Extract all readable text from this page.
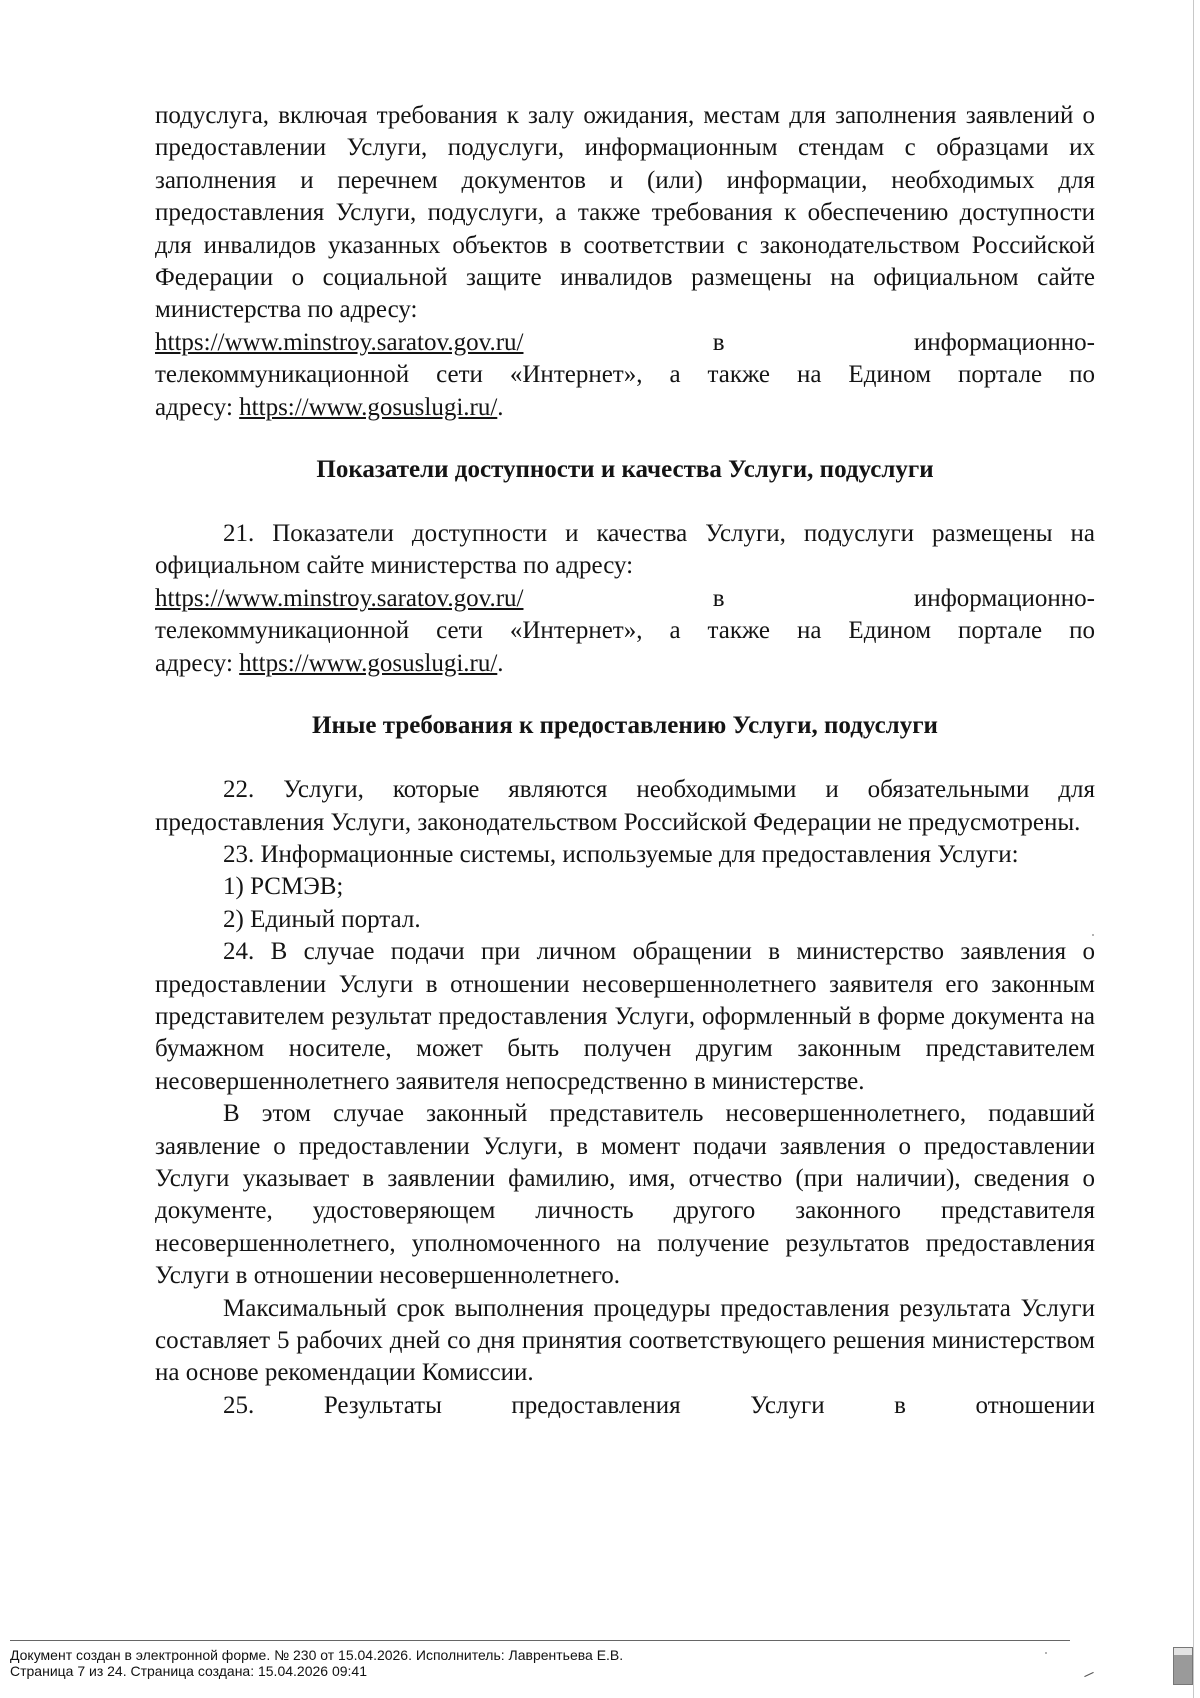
подуслуга, включая требования к залу ожидания, местам для заполнения заявлений о предоставлении Услуги, подуслуги, информационным стендам с образцами их заполнения и перечнем документов и (или) информации, необходимых для предоставления Услуги, подуслуги, а также требования к обеспечению доступности для инвалидов указанных объектов в соответствии с законодательством Российской Федерации о социальной защите инвалидов размещены на официальном сайте министерства по адресу:

https://www.minstroy.saratov.gov.ru/	в	информационно-

телекоммуникационной сети «Интернет», а также на Едином портале по

адресу: https://www.gosuslugi.ru/.

Показатели доступности и качества Услуги, подуслуги

21. Показатели доступности и качества Услуги, подуслуги размещены на официальном сайте министерства по адресу:

https://www.minstroy.saratov.gov.ru/	в	информационно-

телекоммуникационной сети «Интернет», а также на Едином портале по

адресу: https://www.gosuslugi.ru/.

Иные требования к предоставлению Услуги, подуслуги

22. Услуги, которые являются необходимыми и обязательными для предоставления Услуги, законодательством Российской Федерации не предусмотрены.

23. Информационные системы, используемые для предоставления Услуги:

1) РСМЭВ;

2) Единый портал.

24. В случае подачи при личном обращении в министерство заявления о предоставлении Услуги в отношении несовершеннолетнего заявителя его законным представителем результат предоставления Услуги, оформленный в форме документа на бумажном носителе, может быть получен другим законным представителем несовершеннолетнего заявителя непосредственно в министерстве.

В этом случае законный представитель несовершеннолетнего, подавший заявление о предоставлении Услуги, в момент подачи заявления о предоставлении Услуги указывает в заявлении фамилию, имя, отчество (при наличии), сведения о документе, удостоверяющем личность другого законного представителя несовершеннолетнего, уполномоченного на получение результатов предоставления Услуги в отношении несовершеннолетнего.

Максимальный срок выполнения процедуры предоставления результата Услуги составляет 5 рабочих дней со дня принятия соответствующего решения министерством на основе рекомендации Комиссии.

25. Результаты предоставления Услуги в отношении

Документ создан в электронной форме. № 230 от 15.04.2026. Исполнитель: Лаврентьева Е.В.
Страница 7 из 24. Страница создана: 15.04.2026 09:41
